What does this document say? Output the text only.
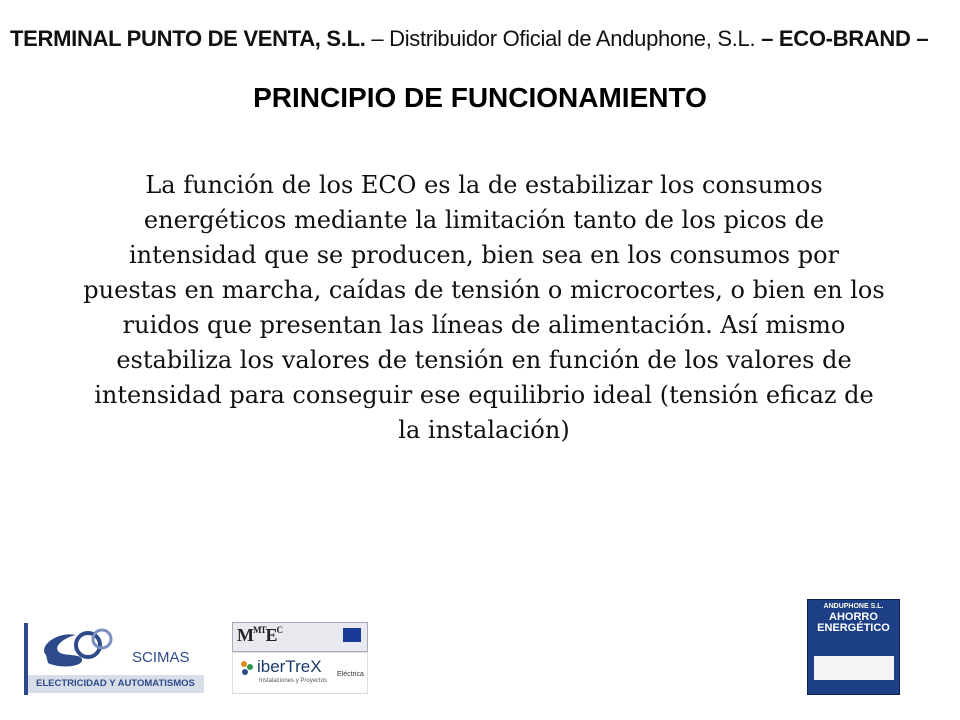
TERMINAL PUNTO DE VENTA, S.L. – Distribuidor Oficial de Anduphone, S.L. – ECO-BRAND –
PRINCIPIO DE FUNCIONAMIENTO
La función de los ECO es la de estabilizar los consumos energéticos mediante la limitación tanto de los picos de intensidad que se producen, bien sea en los consumos por puestas en marcha, caídas de tensión o microcortes, o bien en los ruidos que presentan las líneas de alimentación. Así mismo estabiliza los valores de tensión en función de los valores de intensidad para conseguir ese equilibrio ideal (tensión eficaz de la instalación)
SCIMAS
ELECTRICIDAD Y AUTOMATISMOS
$M^{MT}E^C$
iberTreX
Instalaciones y Proyectos
Eléctrica
ANDUPHONE S.L.
AHORRO
ENERGÉTICO
